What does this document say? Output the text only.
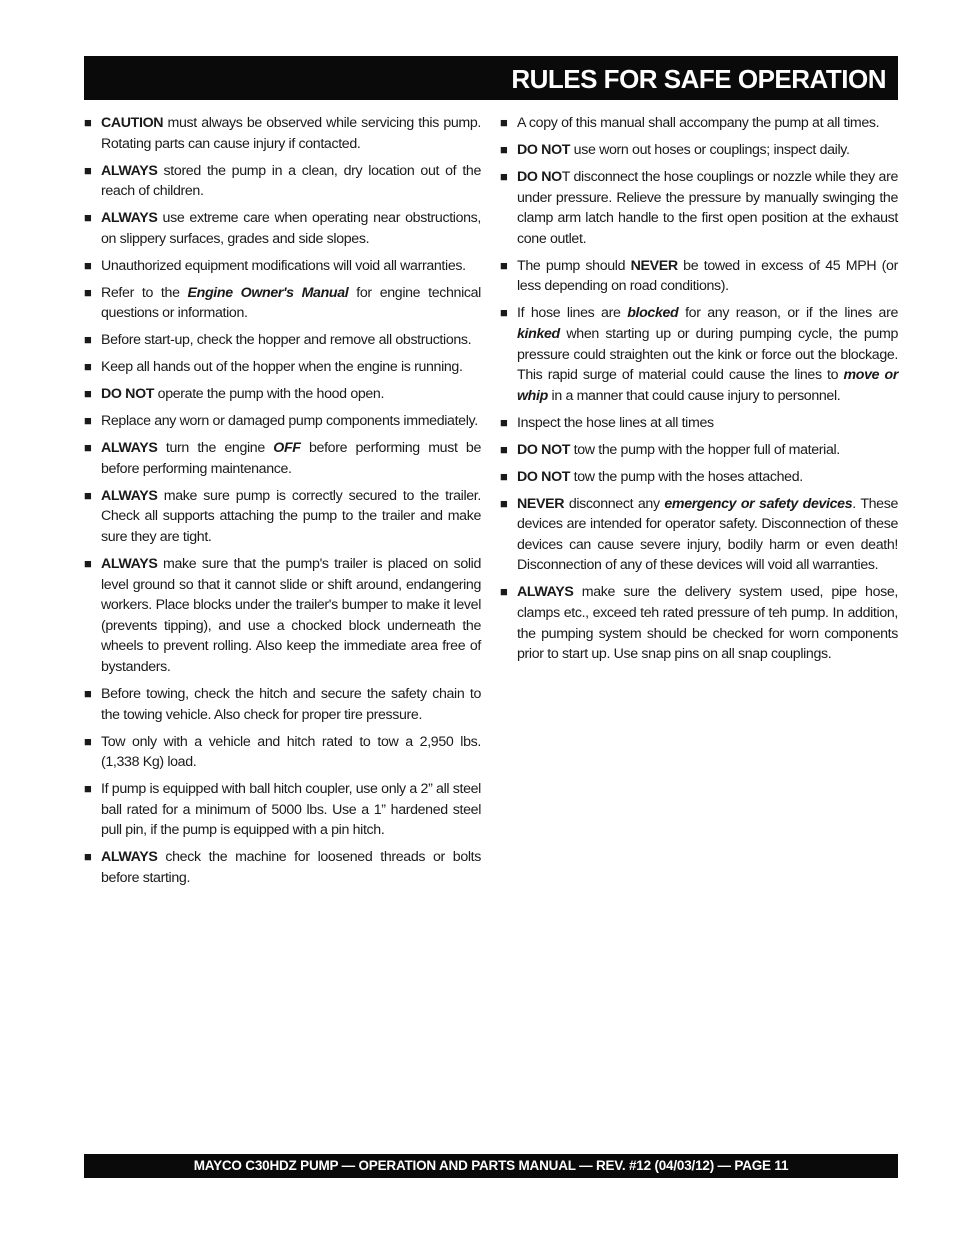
RULES FOR SAFE OPERATION
■ CAUTION must always be observed while servicing this pump. Rotating parts can cause injury if contacted.
■ ALWAYS stored the pump in a clean, dry location out of the reach of children.
■ ALWAYS use extreme care when operating near obstructions, on slippery surfaces, grades and side slopes.
■ Unauthorized equipment modifications will void all warranties.
■ Refer to the Engine Owner's Manual for engine technical questions or information.
■ Before start-up, check the hopper and remove all obstructions.
■ Keep all hands out of the hopper when the engine is running.
■ DO NOT operate the pump with the hood open.
■ Replace any worn or damaged pump components immediately.
■ ALWAYS turn the engine OFF before performing must be before performing maintenance.
■ ALWAYS make sure pump is correctly secured to the trailer. Check all supports attaching the pump to the trailer and make sure they are tight.
■ ALWAYS make sure that the pump's trailer is placed on solid level ground so that it cannot slide or shift around, endangering workers. Place blocks under the trailer's bumper to make it level (prevents tipping), and use a chocked block underneath the wheels to prevent rolling. Also keep the immediate area free of bystanders.
■ Before towing, check the hitch and secure the safety chain to the towing vehicle. Also check for proper tire pressure.
■ Tow only with a vehicle and hitch rated to tow a 2,950 lbs. (1,338 Kg) load.
■ If pump is equipped with ball hitch coupler, use only a 2” all steel ball rated for a minimum of 5000 lbs. Use a 1” hardened steel pull pin, if the pump is equipped with a pin hitch.
■ ALWAYS check the machine for loosened threads or bolts before starting.
■ A copy of this manual shall accompany the pump at all times.
■ DO NOT use worn out hoses or couplings; inspect daily.
■ DO NOT disconnect the hose couplings or nozzle while they are under pressure. Relieve the pressure by manually swinging the clamp arm latch handle to the first open position at the exhaust cone outlet.
■ The pump should NEVER be towed in excess of 45 MPH (or less depending on road conditions).
■ If hose lines are blocked for any reason, or if the lines are kinked when starting up or during pumping cycle, the pump pressure could straighten out the kink or force out the blockage. This rapid surge of material could cause the lines to move or whip in a manner that could cause injury to personnel.
■ Inspect the hose lines at all times
■ DO NOT tow the pump with the hopper full of material.
■ DO NOT tow the pump with the hoses attached.
■ NEVER disconnect any emergency or safety devices. These devices are intended for operator safety. Disconnection of these devices can cause severe injury, bodily harm or even death! Disconnection of any of these devices will void all warranties.
■ ALWAYS make sure the delivery system used, pipe hose, clamps etc., exceed teh rated pressure of teh pump. In addition, the pumping system should be checked for worn components prior to start up. Use snap pins on all snap couplings.
MAYCO C30HDZ PUMP — OPERATION AND PARTS MANUAL — REV. #12 (04/03/12) — PAGE 11
